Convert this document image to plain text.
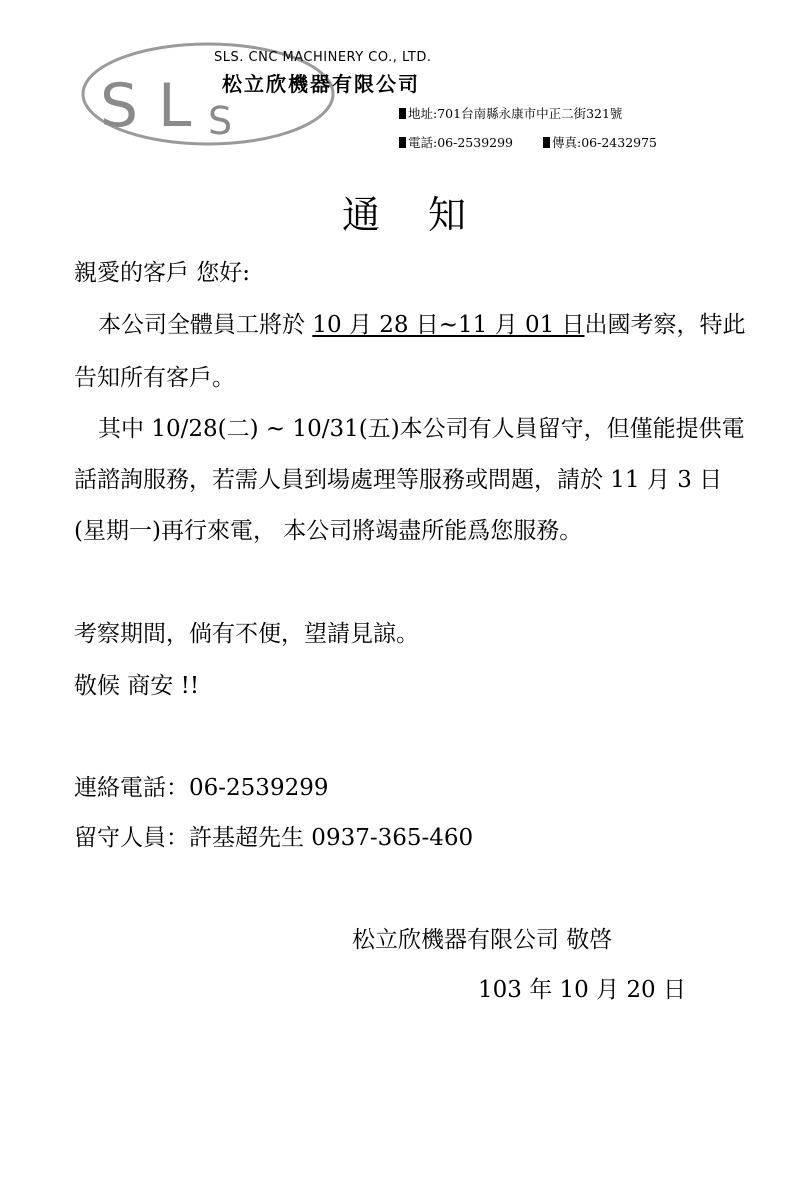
S L S
SLS. CNC MACHINERY CO., LTD.
松立欣機器有限公司
地址:701台南縣永康市中正二街321號
電話:06-2539299	傳真:06-2432975
通 知
親愛的客戶 您好:
本公司全體員工將於 10 月 28 日~11 月 01 日出國考察，特此
告知所有客戶。
其中 10/28(二) ~ 10/31(五)本公司有人員留守，但僅能提供電
話諮詢服務，若需人員到場處理等服務或問題，請於 11 月 3 日
(星期一)再行來電， 本公司將竭盡所能爲您服務。
考察期間，倘有不便，望請見諒。
敬候 商安 !!
連絡電話：06-2539299
留守人員：許基超先生 0937-365-460
松立欣機器有限公司 敬啓
103 年 10 月 20 日
